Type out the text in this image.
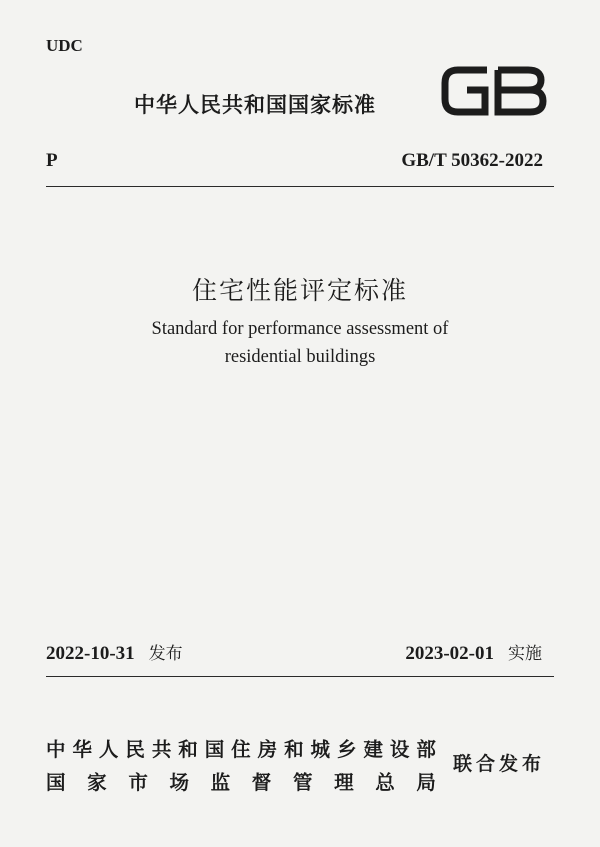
UDC
中华人民共和国国家标准
P	GB/T 50362-2022
住宅性能评定标准
Standard for performance assessment of
residential buildings
2022-10-31 发布	2023-02-01 实施
中 华 人 民 共 和 国 住 房 和 城 乡 建 设 部
国 家 市 场 监 督 管 理 总 局
联合发布
